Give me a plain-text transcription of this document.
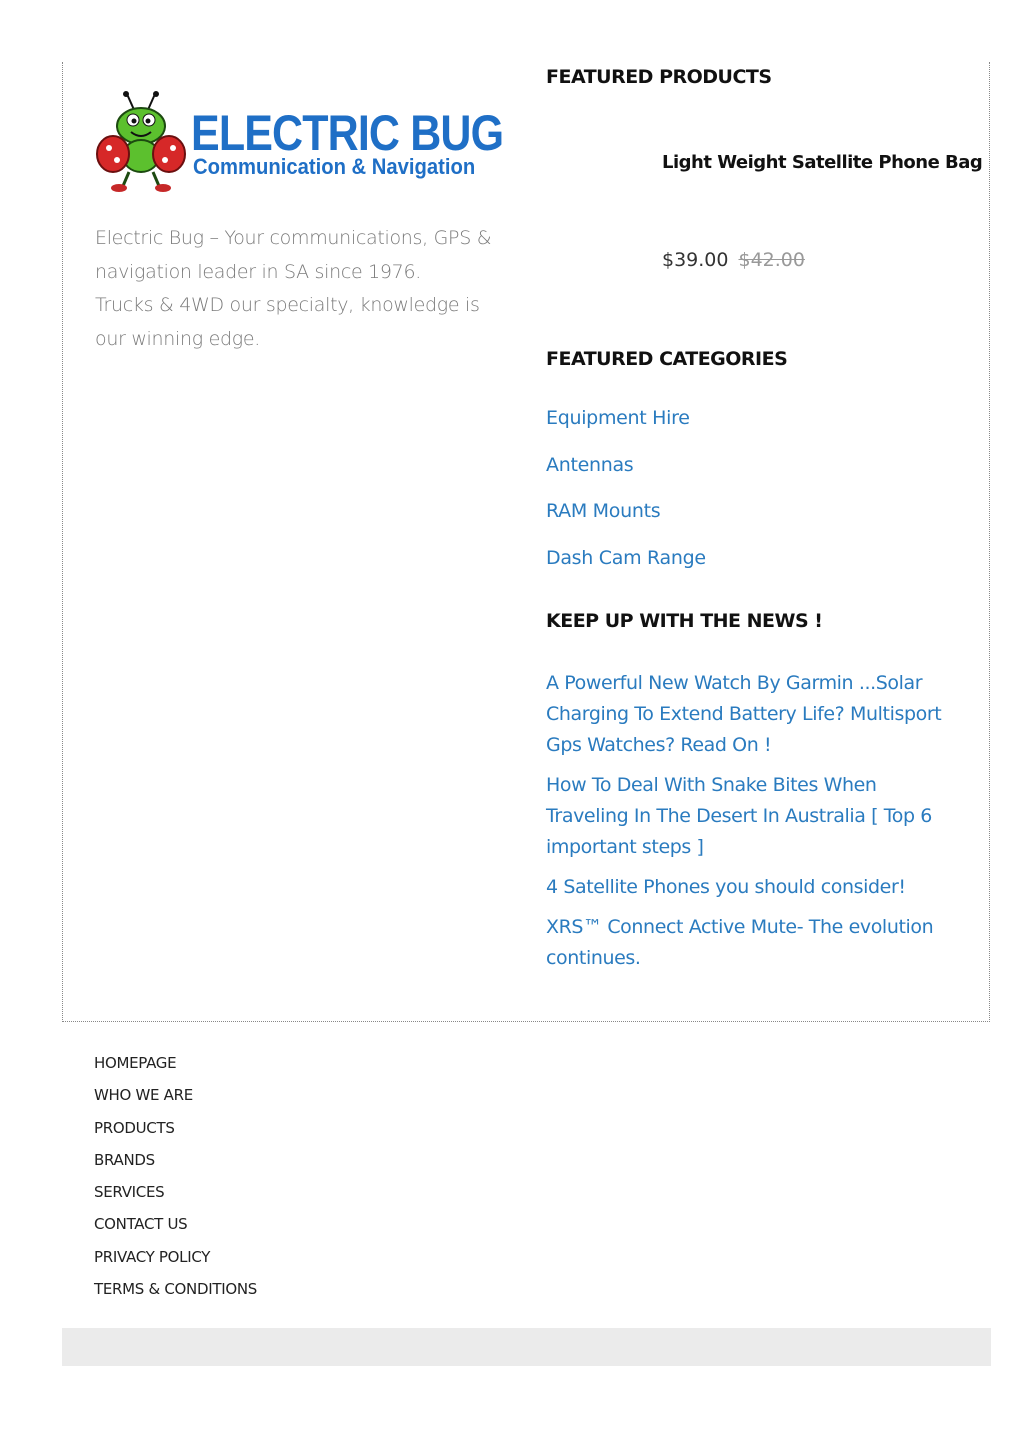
ELECTRIC BUG
Communication & Navigation

Electric Bug – Your communications, GPS & navigation leader in SA since 1976.

Trucks & 4WD our specialty, knowledge is our winning edge.

FEATURED PRODUCTS
Light Weight Satellite Phone Bag
$39.00 $42.00
FEATURED CATEGORIES
Equipment Hire
Antennas
RAM Mounts
Dash Cam Range
KEEP UP WITH THE NEWS !
A Powerful New Watch By Garmin ...Solar Charging To Extend Battery Life? Multisport Gps Watches? Read On !
How To Deal With Snake Bites When Traveling In The Desert In Australia [ Top 6 important steps ]
4 Satellite Phones you should consider!
XRS™ Connect Active Mute- The evolution continues.
HOMEPAGE
WHO WE ARE
PRODUCTS
BRANDS
SERVICES
CONTACT US
PRIVACY POLICY
TERMS & CONDITIONS
